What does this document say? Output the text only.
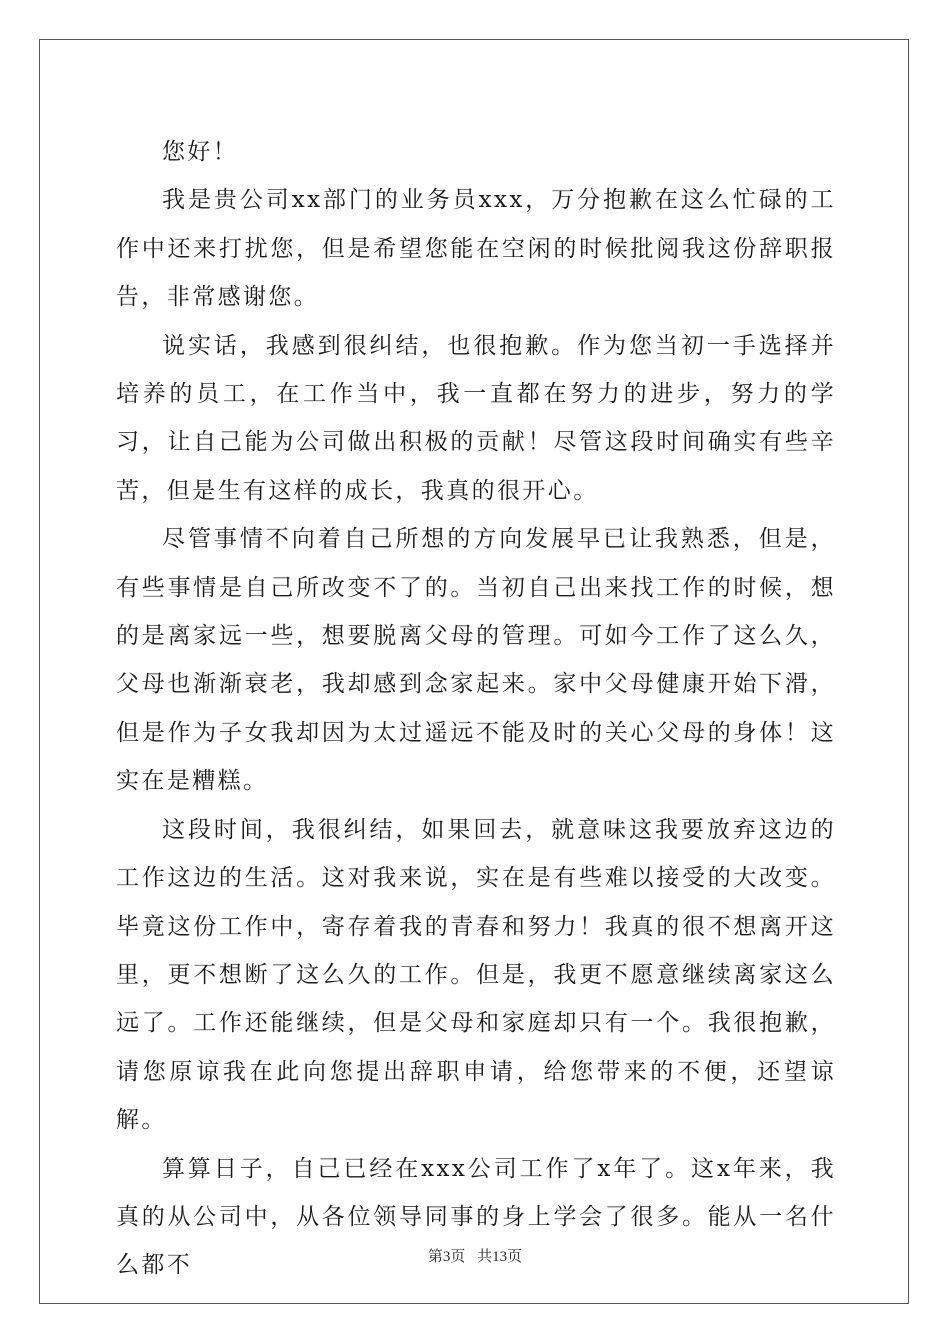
您好！

我是贵公司xx部门的业务员xxx，万分抱歉在这么忙碌的工作中还来打扰您，但是希望您能在空闲的时候批阅我这份辞职报告，非常感谢您。

说实话，我感到很纠结，也很抱歉。作为您当初一手选择并培养的员工，在工作当中，我一直都在努力的进步，努力的学习，让自己能为公司做出积极的贡献！尽管这段时间确实有些辛苦，但是生有这样的成长，我真的很开心。

尽管事情不向着自己所想的方向发展早已让我熟悉，但是，有些事情是自己所改变不了的。当初自己出来找工作的时候，想的是离家远一些，想要脱离父母的管理。可如今工作了这么久，父母也渐渐衰老，我却感到念家起来。家中父母健康开始下滑，但是作为子女我却因为太过遥远不能及时的关心父母的身体！这实在是糟糕。

这段时间，我很纠结，如果回去，就意味这我要放弃这边的工作这边的生活。这对我来说，实在是有些难以接受的大改变。毕竟这份工作中，寄存着我的青春和努力！我真的很不想离开这里，更不想断了这么久的工作。但是，我更不愿意继续离家这么远了。工作还能继续，但是父母和家庭却只有一个。我很抱歉，请您原谅我在此向您提出辞职申请，给您带来的不便，还望谅解。

算算日子，自己已经在xxx公司工作了x年了。这x年来，我真的从公司中，从各位领导同事的身上学会了很多。能从一名什么都不	第3页 共13页
